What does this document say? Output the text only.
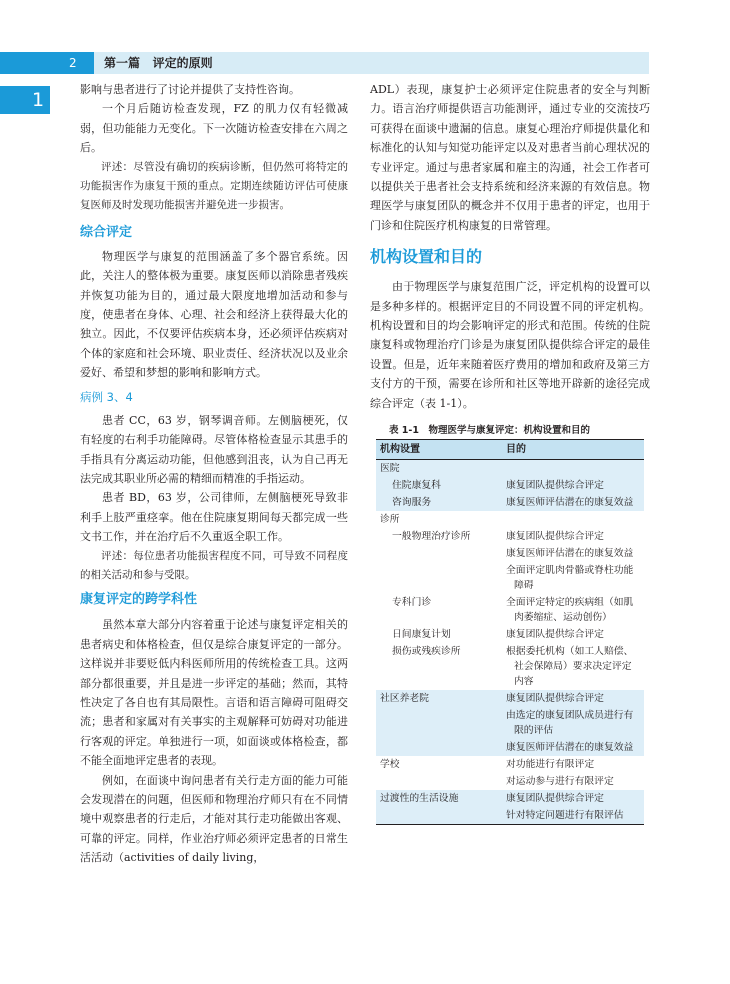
2 第一篇 评定的原则
1	影响与患者进行了讨论并提供了支持性咨询。

一个月后随访检查发现，FZ 的肌力仅有轻微减弱，但功能能力无变化。下一次随访检查安排在六周之后。

评述：尽管没有确切的疾病诊断，但仍然可将特定的功能损害作为康复干预的重点。定期连续随访评估可使康复医师及时发现功能损害并避免进一步损害。

综合评定

物理医学与康复的范围涵盖了多个器官系统。因此，关注人的整体极为重要。康复医师以消除患者残疾并恢复功能为目的，通过最大限度地增加活动和参与度，使患者在身体、心理、社会和经济上获得最大化的独立。因此，不仅要评估疾病本身，还必须评估疾病对个体的家庭和社会环境、职业责任、经济状况以及业余爱好、希望和梦想的影响和影响方式。

病例 3、4

患者 CC，63 岁，钢琴调音师。左侧脑梗死，仅有轻度的右利手功能障碍。尽管体格检查显示其患手的手指具有分离运动功能，但他感到沮丧，认为自己再无法完成其职业所必需的精细而精准的手指运动。

患者 BD，63 岁，公司律师，左侧脑梗死导致非利手上肢严重痉挛。他在住院康复期间每天都完成一些文书工作，并在治疗后不久重返全职工作。

评述：每位患者功能损害程度不同，可导致不同程度的相关活动和参与受限。

康复评定的跨学科性

虽然本章大部分内容着重于论述与康复评定相关的患者病史和体格检查，但仅是综合康复评定的一部分。这样说并非要贬低内科医师所用的传统检查工具。这两部分都很重要，并且是进一步评定的基础；然而，其特性决定了各自也有其局限性。言语和语言障碍可阻碍交流；患者和家属对有关事实的主观解释可妨碍对功能进行客观的评定。单独进行一项，如面谈或体格检查，都不能全面地评定患者的表现。

例如，在面谈中询问患者有关行走方面的能力可能会发现潜在的问题，但医师和物理治疗师只有在不同情境中观察患者的行走后，才能对其行走功能做出客观、可靠的评定。同样，作业治疗师必须评定患者的日常生活活动（activities of daily living，

ADL）表现，康复护士必须评定住院患者的安全与判断力。语言治疗师提供语言功能测评，通过专业的交流技巧可获得在面谈中遗漏的信息。康复心理治疗师提供量化和标准化的认知与知觉功能评定以及对患者当前心理状况的专业评定。通过与患者家属和雇主的沟通，社会工作者可以提供关于患者社会支持系统和经济来源的有效信息。物理医学与康复团队的概念并不仅用于患者的评定，也用于门诊和住院医疗机构康复的日常管理。

机构设置和目的

由于物理医学与康复范围广泛，评定机构的设置可以是多种多样的。根据评定目的不同设置不同的评定机构。机构设置和目的均会影响评定的形式和范围。传统的住院康复科或物理治疗门诊是为康复团队提供综合评定的最佳设置。但是，近年来随着医疗费用的增加和政府及第三方支付方的干预，需要在诊所和社区等地开辟新的途径完成综合评定（表 1-1）。

表 1-1　物理医学与康复评定：机构设置和目的

机构设置	目的
医院	
住院康复科	康复团队提供综合评定
咨询服务	康复医师评估潜在的康复效益
诊所	
一般物理治疗诊所	康复团队提供综合评定
	康复医师评估潜在的康复效益
	全面评定肌肉骨骼或脊柱功能障碍
专科门诊	全面评定特定的疾病组（如肌肉萎缩症、运动创伤）
日间康复计划	康复团队提供综合评定
损伤或残疾诊所	根据委托机构（如工人赔偿、社会保障局）要求决定评定内容
社区养老院	康复团队提供综合评定
	由选定的康复团队成员进行有限的评估
	康复医师评估潜在的康复效益
学校	对功能进行有限评定
	对运动参与进行有限评定
过渡性的生活设施	康复团队提供综合评定
	针对特定问题进行有限评估
